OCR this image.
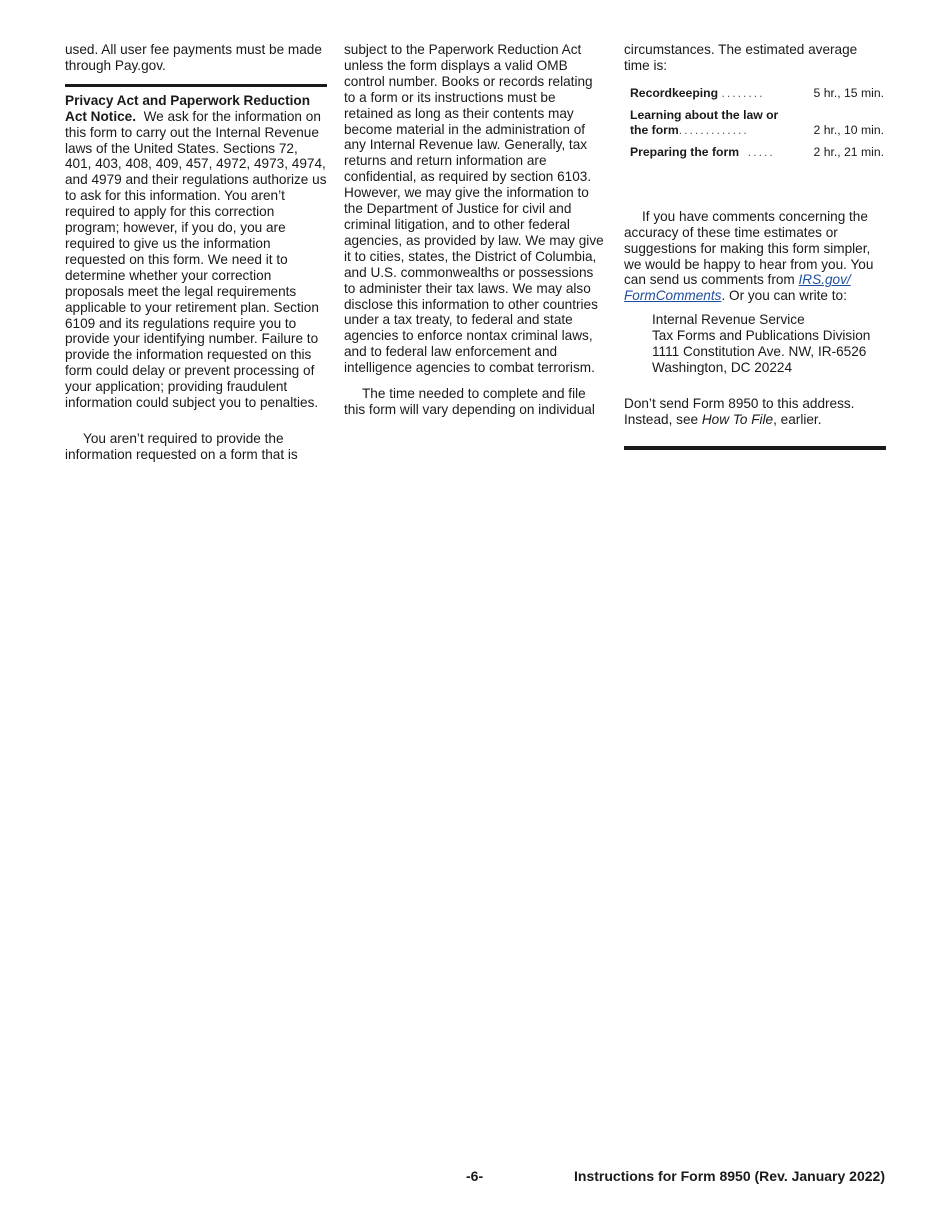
used. All user fee payments must be made through Pay.gov.

Privacy Act and Paperwork Reduction Act Notice. We ask for the information on this form to carry out the Internal Revenue laws of the United States. Sections 72, 401, 403, 408, 409, 457, 4972, 4973, 4974, and 4979 and their regulations authorize us to ask for this information. You aren’t required to apply for this correction program; however, if you do, you are required to give us the information requested on this form. We need it to determine whether your correction proposals meet the legal requirements applicable to your retirement plan. Section 6109 and its regulations require you to provide your identifying number. Failure to provide the information requested on this form could delay or prevent processing of your application; providing fraudulent information could subject you to penalties.

You aren’t required to provide the information requested on a form that is

subject to the Paperwork Reduction Act unless the form displays a valid OMB control number. Books or records relating to a form or its instructions must be retained as long as their contents may become material in the administration of any Internal Revenue law. Generally, tax returns and return information are confidential, as required by section 6103. However, we may give the information to the Department of Justice for civil and criminal litigation, and to other federal agencies, as provided by law. We may give it to cities, states, the District of Columbia, and U.S. commonwealths or possessions to administer their tax laws. We may also disclose this information to other countries under a tax treaty, to federal and state agencies to enforce nontax criminal laws, and to federal law enforcement and intelligence agencies to combat terrorism.

The time needed to complete and file this form will vary depending on individual

circumstances. The estimated average time is:

Recordkeeping ........	5 hr., 15 min.
Learning about the law or
the form.............	2 hr., 10 min.
Preparing the form  .....	2 hr., 21 min.

If you have comments concerning the accuracy of these time estimates or suggestions for making this form simpler, we would be happy to hear from you. You can send us comments from IRS.gov/ FormComments. Or you can write to:

Internal Revenue Service
Tax Forms and Publications Division
1111 Constitution Ave. NW, IR-6526
Washington, DC 20224

Don’t send Form 8950 to this address. Instead, see How To File, earlier.

-6-	Instructions for Form 8950 (Rev. January 2022)
